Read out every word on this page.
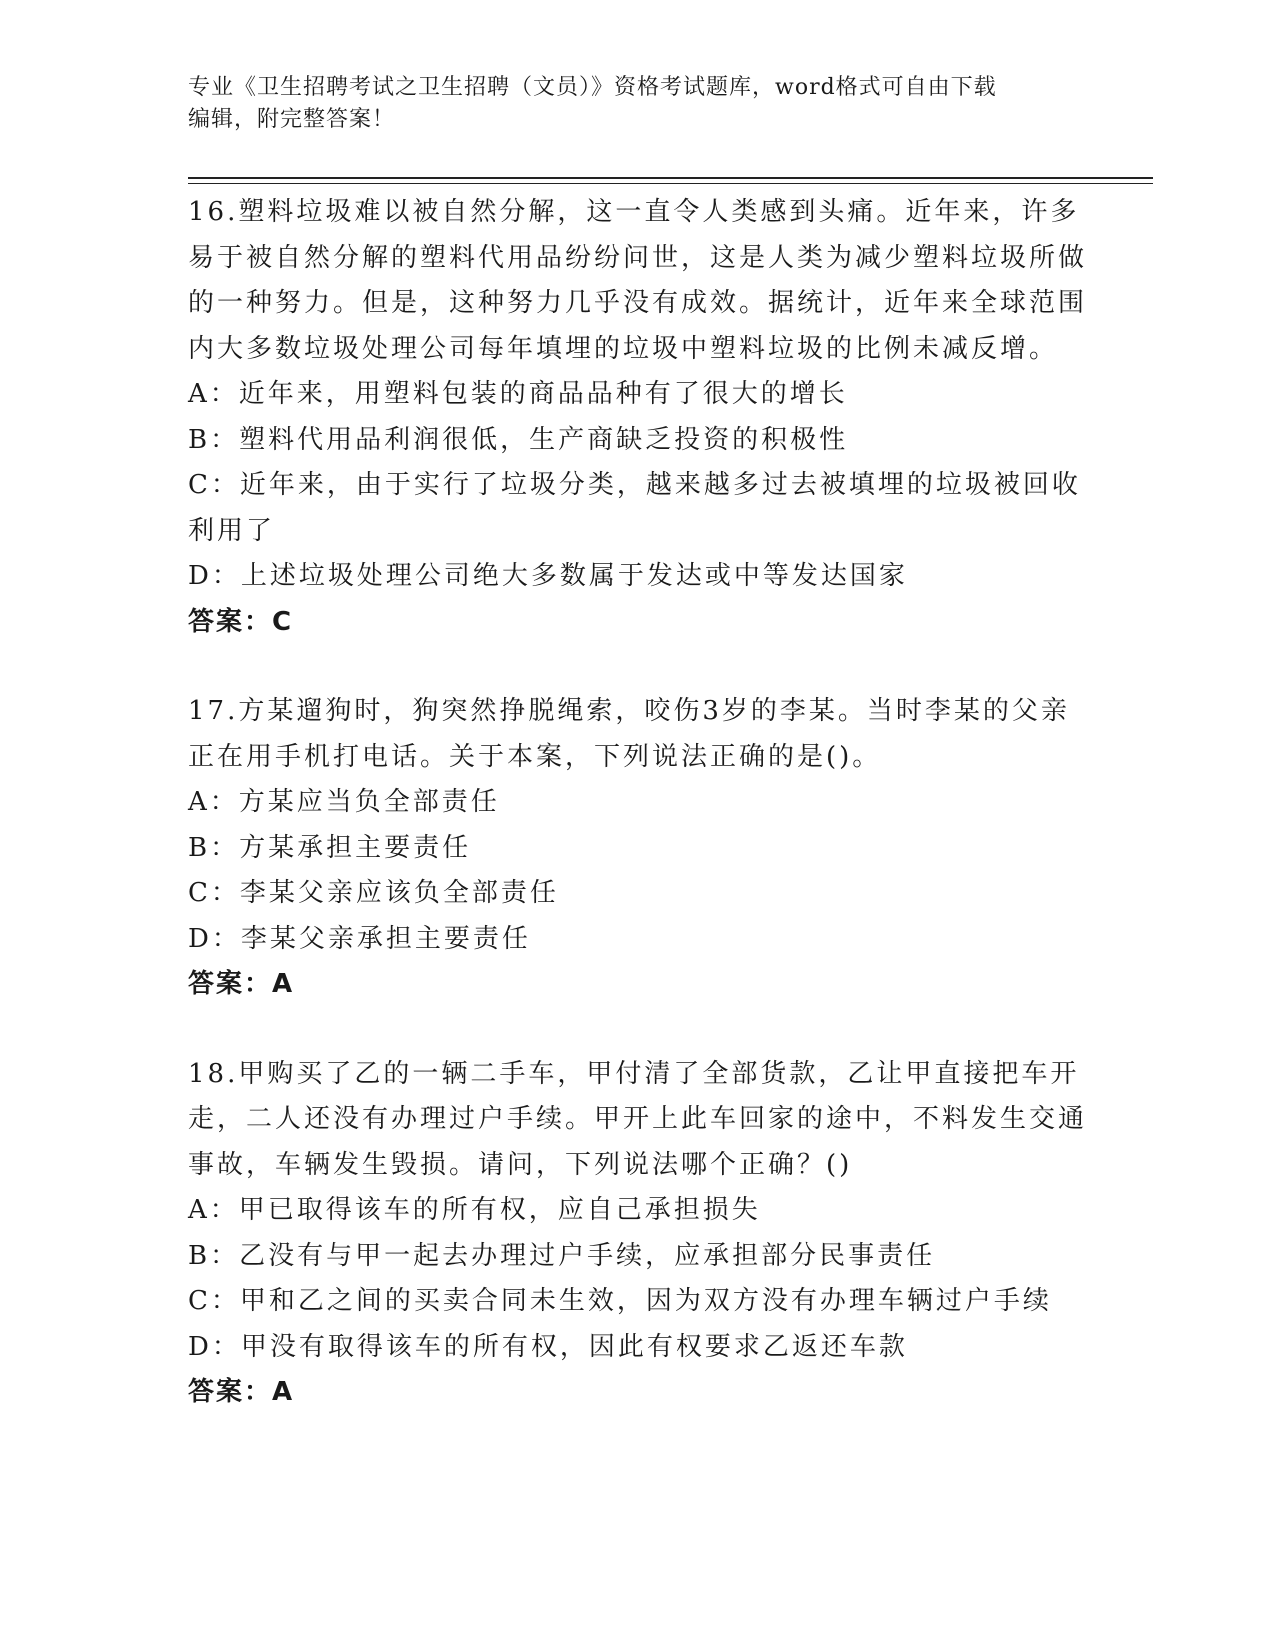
专业《卫生招聘考试之卫生招聘（文员）》资格考试题库，word格式可自由下载
编辑，附完整答案！
16.塑料垃圾难以被自然分解，这一直令人类感到头痛。近年来，许多易于被自然分解的塑料代用品纷纷问世，这是人类为减少塑料垃圾所做的一种努力。但是，这种努力几乎没有成效。据统计，近年来全球范围内大多数垃圾处理公司每年填埋的垃圾中塑料垃圾的比例未减反增。
A：近年来，用塑料包装的商品品种有了很大的增长
B：塑料代用品利润很低，生产商缺乏投资的积极性
C：近年来，由于实行了垃圾分类，越来越多过去被填埋的垃圾被回收利用了
D：上述垃圾处理公司绝大多数属于发达或中等发达国家
答案：C
17.方某遛狗时，狗突然挣脱绳索，咬伤3岁的李某。当时李某的父亲正在用手机打电话。关于本案，下列说法正确的是()。
A：方某应当负全部责任
B：方某承担主要责任
C：李某父亲应该负全部责任
D：李某父亲承担主要责任
答案：A
18.甲购买了乙的一辆二手车，甲付清了全部货款，乙让甲直接把车开走，二人还没有办理过户手续。甲开上此车回家的途中，不料发生交通事故，车辆发生毁损。请问，下列说法哪个正确？()
A：甲已取得该车的所有权，应自己承担损失
B：乙没有与甲一起去办理过户手续，应承担部分民事责任
C：甲和乙之间的买卖合同未生效，因为双方没有办理车辆过户手续
D：甲没有取得该车的所有权，因此有权要求乙返还车款
答案：A
